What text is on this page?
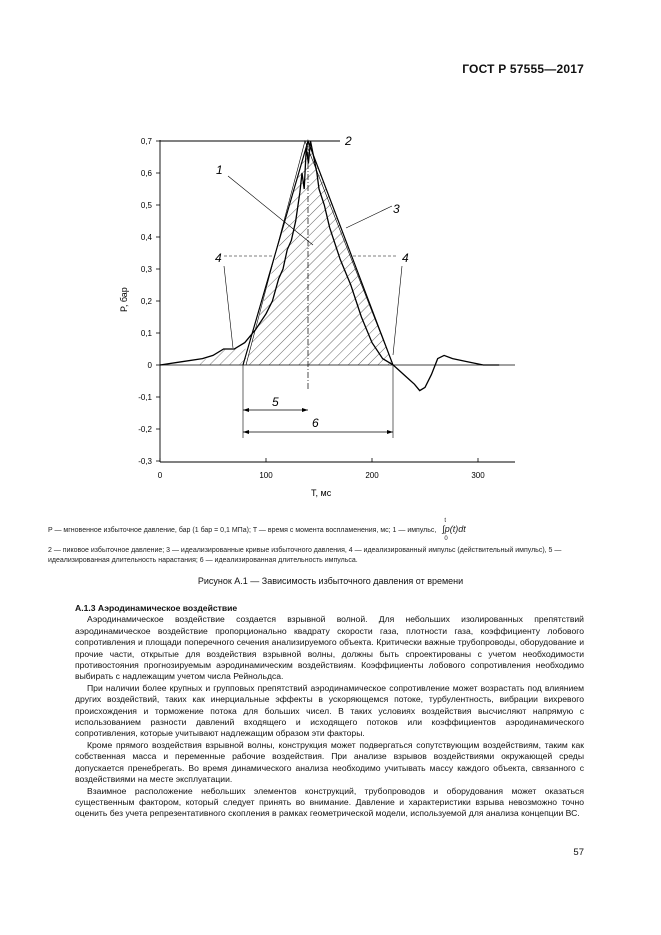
ГОСТ Р 57555—2017
0,7
0,6
0,5
0,4
0,3
0,2
0,1
0
-0,1
-0,2
-0,3
0	100	200	300
P, бар
T, мс
5
6
1
2
3
4	4
P — мгновенное избыточное давление, бар (1 бар = 0,1 МПа); T — время с момента воспламенения, мс; 1 — импульс,
t
∫p(t)dt
0
2 — пиковое избыточное давление; 3 — идеализированные кривые избыточного давления, 4 — идеализированный импульс (действительный импульс), 5 — идеализированная длительность нарастания; 6 — идеализированная длительность импульса.
Рисунок А.1 — Зависимость избыточного давления от времени
А.1.3 Аэродинамическое воздействие

Аэродинамическое воздействие создается взрывной волной. Для небольших изолированных препятствий аэродинамическое воздействие пропорционально квадрату скорости газа, плотности газа, коэффициенту лобового сопротивления и площади поперечного сечения анализируемого объекта. Критически важные трубопроводы, оборудование и прочие части, открытые для воздействия взрывной волны, должны быть спроектированы с учетом необходимости противостояния прогнозируемым аэродинамическим воздействиям. Коэффициенты лобового сопротивления необходимо выбирать с надлежащим учетом числа Рейнольдса.

При наличии более крупных и групповых препятствий аэродинамическое сопротивление может возрастать под влиянием других воздействий, таких как инерциальные эффекты в ускоряющемся потоке, турбулентность, вибрации вихревого происхождения и торможение потока для больших чисел. В таких условиях воздействия высчисляют напрямую с использованием разности давлений входящего и исходящего потоков или коэффициентов аэродинамического сопротивления, которые учитывают надлежащим образом эти факторы.

Кроме прямого воздействия взрывной волны, конструкция может подвергаться сопутствующим воздействиям, таким как собственная масса и переменные рабочие воздействия. При анализе взрывов воздействиями окружающей среды допускается пренебрегать. Во время динамического анализа необходимо учитывать массу каждого объекта, связанного с воздействиями на месте эксплуатации.

Взаимное расположение небольших элементов конструкций, трубопроводов и оборудования может оказаться существенным фактором, который следует принять во внимание. Давление и характеристики взрыва невозможно точно оценить без учета репрезентативного скопления в рамках геометрической модели, используемой для анализа концепции ВС.

57
